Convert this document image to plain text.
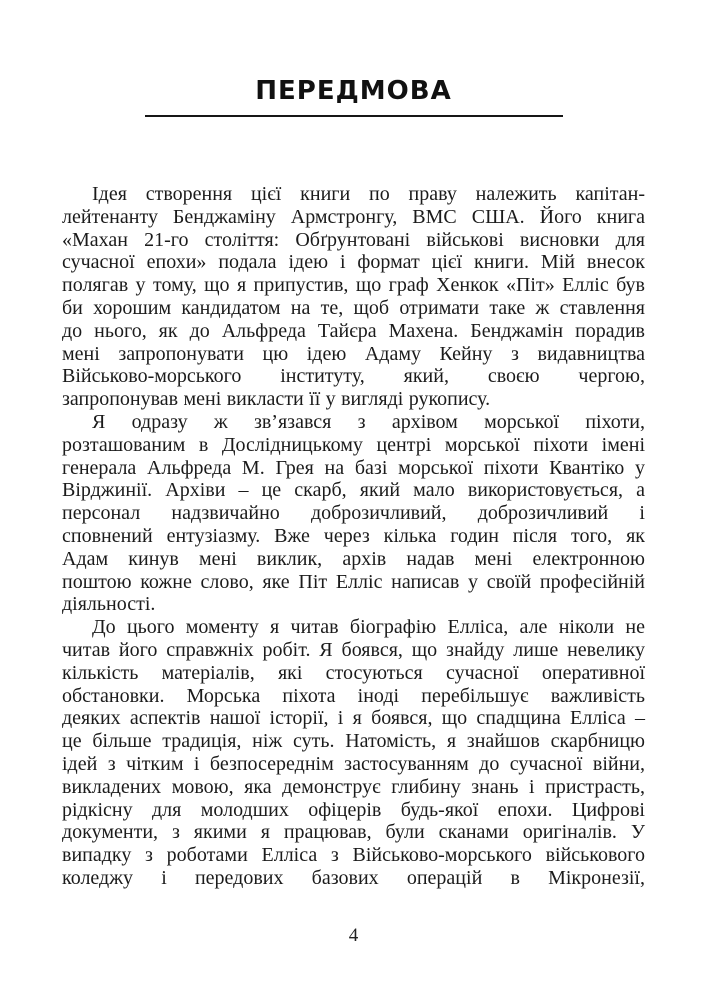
ПЕРЕДМОВА
Ідея створення цієї книги по праву належить капітан-
лейтенанту Бенджаміну Армстронгу, ВМС США. Його книга
«Махан 21-го століття: Обґрунтовані військові висновки для
сучасної епохи» подала ідею і формат цієї книги. Мій внесок
полягав у тому, що я припустив, що граф Хенкок «Піт» Елліс був
би хорошим кандидатом на те, щоб отримати таке ж ставлення
до нього, як до Альфреда Тайєра Махена. Бенджамін порадив
мені запропонувати цю ідею Адаму Кейну з видавництва
Військово-морського інституту, який, своєю чергою,
запропонував мені викласти її у вигляді рукопису.
Я одразу ж зв’язався з архівом морської піхоти,
розташованим в Дослідницькому центрі морської піхоти імені
генерала Альфреда М. Грея на базі морської піхоти Квантіко у
Вірджинії. Архіви – це скарб, який мало використовується, а
персонал надзвичайно доброзичливий, доброзичливий і
сповнений ентузіазму. Вже через кілька годин після того, як
Адам кинув мені виклик, архів надав мені електронною
поштою кожне слово, яке Піт Елліс написав у своїй професійній
діяльності.
До цього моменту я читав біографію Елліса, але ніколи не
читав його справжніх робіт. Я боявся, що знайду лише невелику
кількість матеріалів, які стосуються сучасної оперативної
обстановки. Морська піхота іноді перебільшує важливість
деяких аспектів нашої історії, і я боявся, що спадщина Елліса –
це більше традиція, ніж суть. Натомість, я знайшов скарбницю
ідей з чітким і безпосереднім застосуванням до сучасної війни,
викладених мовою, яка демонструє глибину знань і пристрасть,
рідкісну для молодших офіцерів будь-якої епохи. Цифрові
документи, з якими я працював, були сканами оригіналів. У
випадку з роботами Елліса з Військово-морського військового
коледжу і передових базових операцій в Мікронезії,
4
